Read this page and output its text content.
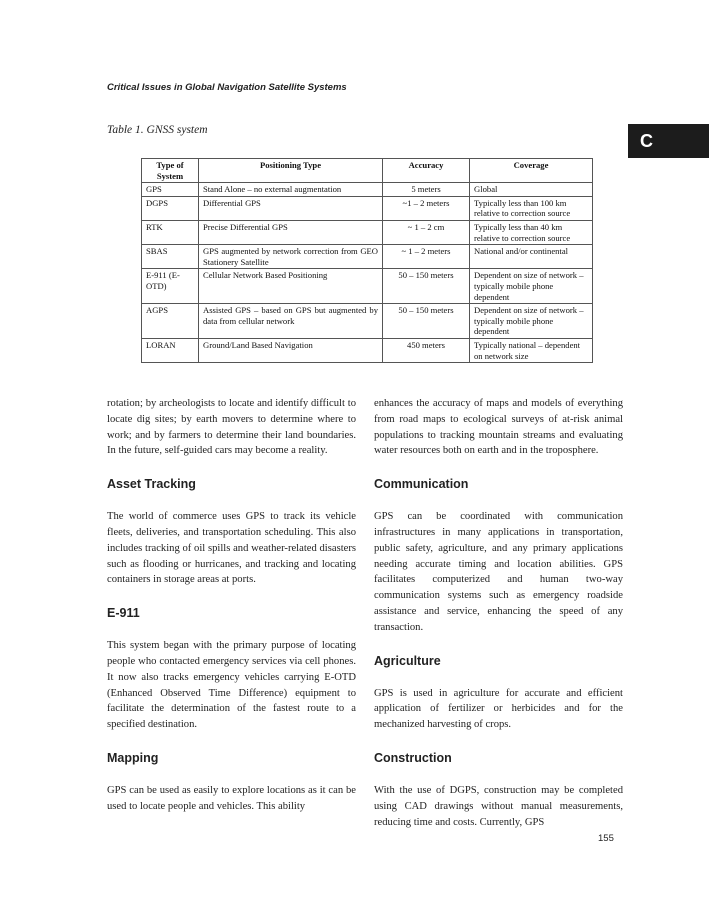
Critical Issues in Global Navigation Satellite Systems
Table 1. GNSS system
C
Type of System	Positioning Type	Accuracy	Coverage
GPS	Stand Alone – no external augmentation	5 meters	Global
DGPS	Differential GPS	~1 – 2 meters	Typically less than 100 km relative to correction source
RTK	Precise Differential GPS	~ 1 – 2 cm	Typically less than 40 km relative to correction source
SBAS	GPS augmented by network correction from GEO Stationery Satellite	~ 1 – 2 meters	National and/or continental
E-911 (E-OTD)	Cellular Network Based Positioning	50 – 150 meters	Dependent on size of network – typically mobile phone dependent
AGPS	Assisted GPS – based on GPS but augmented by data from cellular network	50 – 150 meters	Dependent on size of network – typically mobile phone dependent
LORAN	Ground/Land Based Navigation	450 meters	Typically national – dependent on network size

rotation; by archeologists to locate and identify difficult to locate dig sites; by earth movers to determine where to work; and by farmers to determine their land boundaries. In the future, self-guided cars may become a reality.

Asset Tracking

The world of commerce uses GPS to track its vehicle fleets, deliveries, and transportation scheduling. This also includes tracking of oil spills and weather-related disasters such as flooding or hurricanes, and tracking and locating containers in storage areas at ports.

E-911

This system began with the primary purpose of locating people who contacted emergency services via cell phones. It now also tracks emergency vehicles carrying E-OTD (Enhanced Observed Time Difference) equipment to facilitate the determination of the fastest route to a specified destination.

Mapping

GPS can be used as easily to explore locations as it can be used to locate people and vehicles. This ability

enhances the accuracy of maps and models of everything from road maps to ecological surveys of at-risk animal populations to tracking mountain streams and evaluating water resources both on earth and in the troposphere.

Communication

GPS can be coordinated with communication infrastructures in many applications in transportation, public safety, agriculture, and any primary applications needing accurate timing and location abilities. GPS facilitates computerized and human two-way communication systems such as emergency roadside assistance and service, enhancing the speed of any transaction.

Agriculture

GPS is used in agriculture for accurate and efficient application of fertilizer or herbicides and for the mechanized harvesting of crops.

Construction

With the use of DGPS, construction may be completed using CAD drawings without manual measurements, reducing time and costs. Currently, GPS

155
